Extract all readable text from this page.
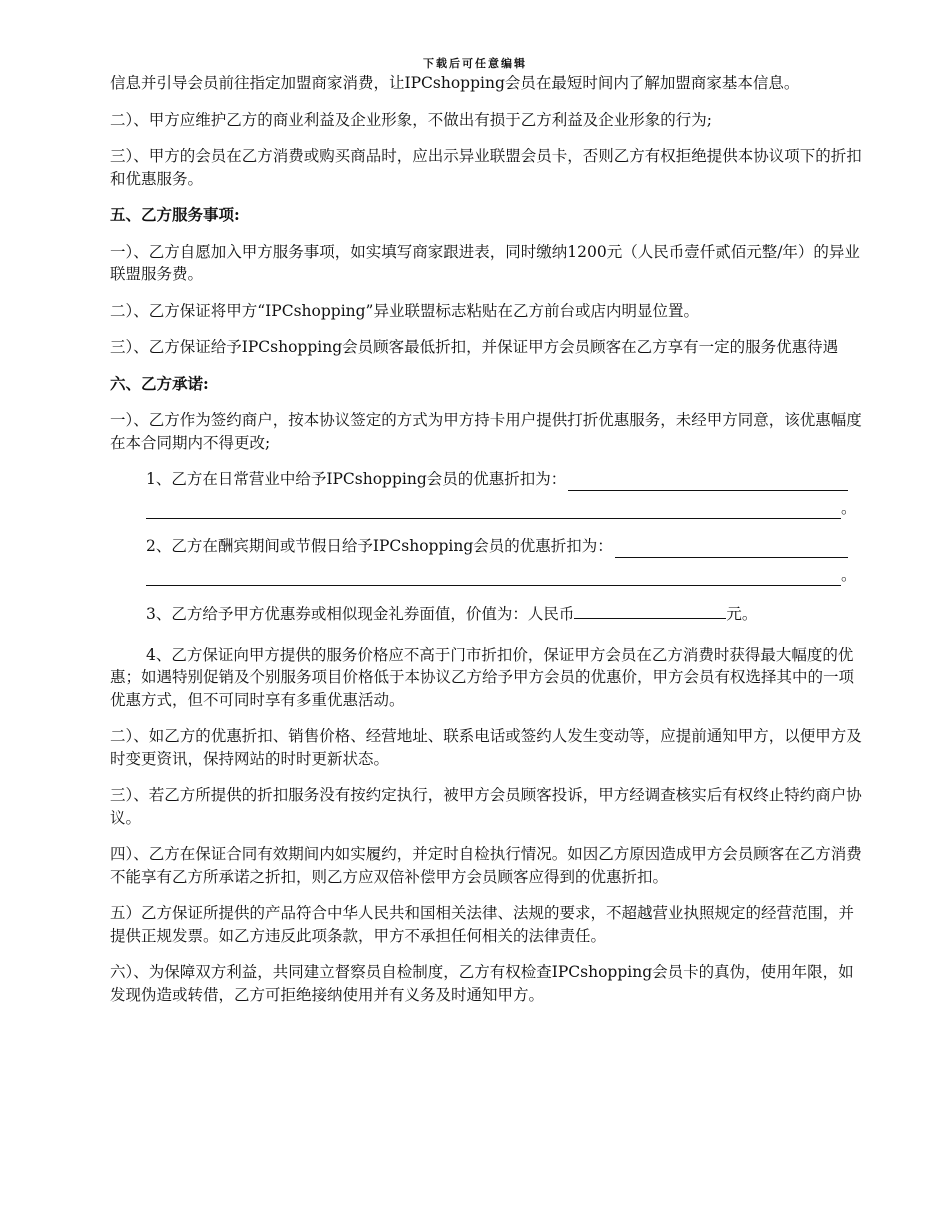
下载后可任意编辑

信息并引导会员前往指定加盟商家消费，让IPCshopping会员在最短时间内了解加盟商家基本信息。

二）、甲方应维护乙方的商业利益及企业形象，不做出有损于乙方利益及企业形象的行为;

三）、甲方的会员在乙方消费或购买商品时，应出示异业联盟会员卡，否则乙方有权拒绝提供本协议项下的折扣和优惠服务。

五、乙方服务事项:

一）、乙方自愿加入甲方服务事项，如实填写商家跟进表，同时缴纳1200元（人民币壹仟贰佰元整/年）的异业联盟服务费。

二）、乙方保证将甲方“IPCshopping”异业联盟标志粘贴在乙方前台或店内明显位置。

三）、乙方保证给予IPCshopping会员顾客最低折扣，并保证甲方会员顾客在乙方享有一定的服务优惠待遇

六、乙方承诺:

一）、乙方作为签约商户，按本协议签定的方式为甲方持卡用户提供打折优惠服务，未经甲方同意，该优惠幅度在本合同期内不得更改;

1、乙方在日常营业中给予IPCshopping会员的优惠折扣为：

。

2、乙方在酬宾期间或节假日给予IPCshopping会员的优惠折扣为：

。

3、乙方给予甲方优惠券或相似现金礼券面值，价值为：人民币	元。

4、乙方保证向甲方提供的服务价格应不高于门市折扣价，保证甲方会员在乙方消费时获得最大幅度的优惠；如遇特别促销及个别服务项目价格低于本协议乙方给予甲方会员的优惠价，甲方会员有权选择其中的一项优惠方式，但不可同时享有多重优惠活动。

二）、如乙方的优惠折扣、销售价格、经营地址、联系电话或签约人发生变动等，应提前通知甲方，以便甲方及时变更资讯，保持网站的时时更新状态。

三）、若乙方所提供的折扣服务没有按约定执行，被甲方会员顾客投诉，甲方经调查核实后有权终止特约商户协议。

四）、乙方在保证合同有效期间内如实履约，并定时自检执行情况。如因乙方原因造成甲方会员顾客在乙方消费不能享有乙方所承诺之折扣，则乙方应双倍补偿甲方会员顾客应得到的优惠折扣。

五）乙方保证所提供的产品符合中华人民共和国相关法律、法规的要求，不超越营业执照规定的经营范围，并提供正规发票。如乙方违反此项条款，甲方不承担任何相关的法律责任。

六）、为保障双方利益，共同建立督察员自检制度，乙方有权检查IPCshopping会员卡的真伪，使用年限，如发现伪造或转借，乙方可拒绝接纳使用并有义务及时通知甲方。
